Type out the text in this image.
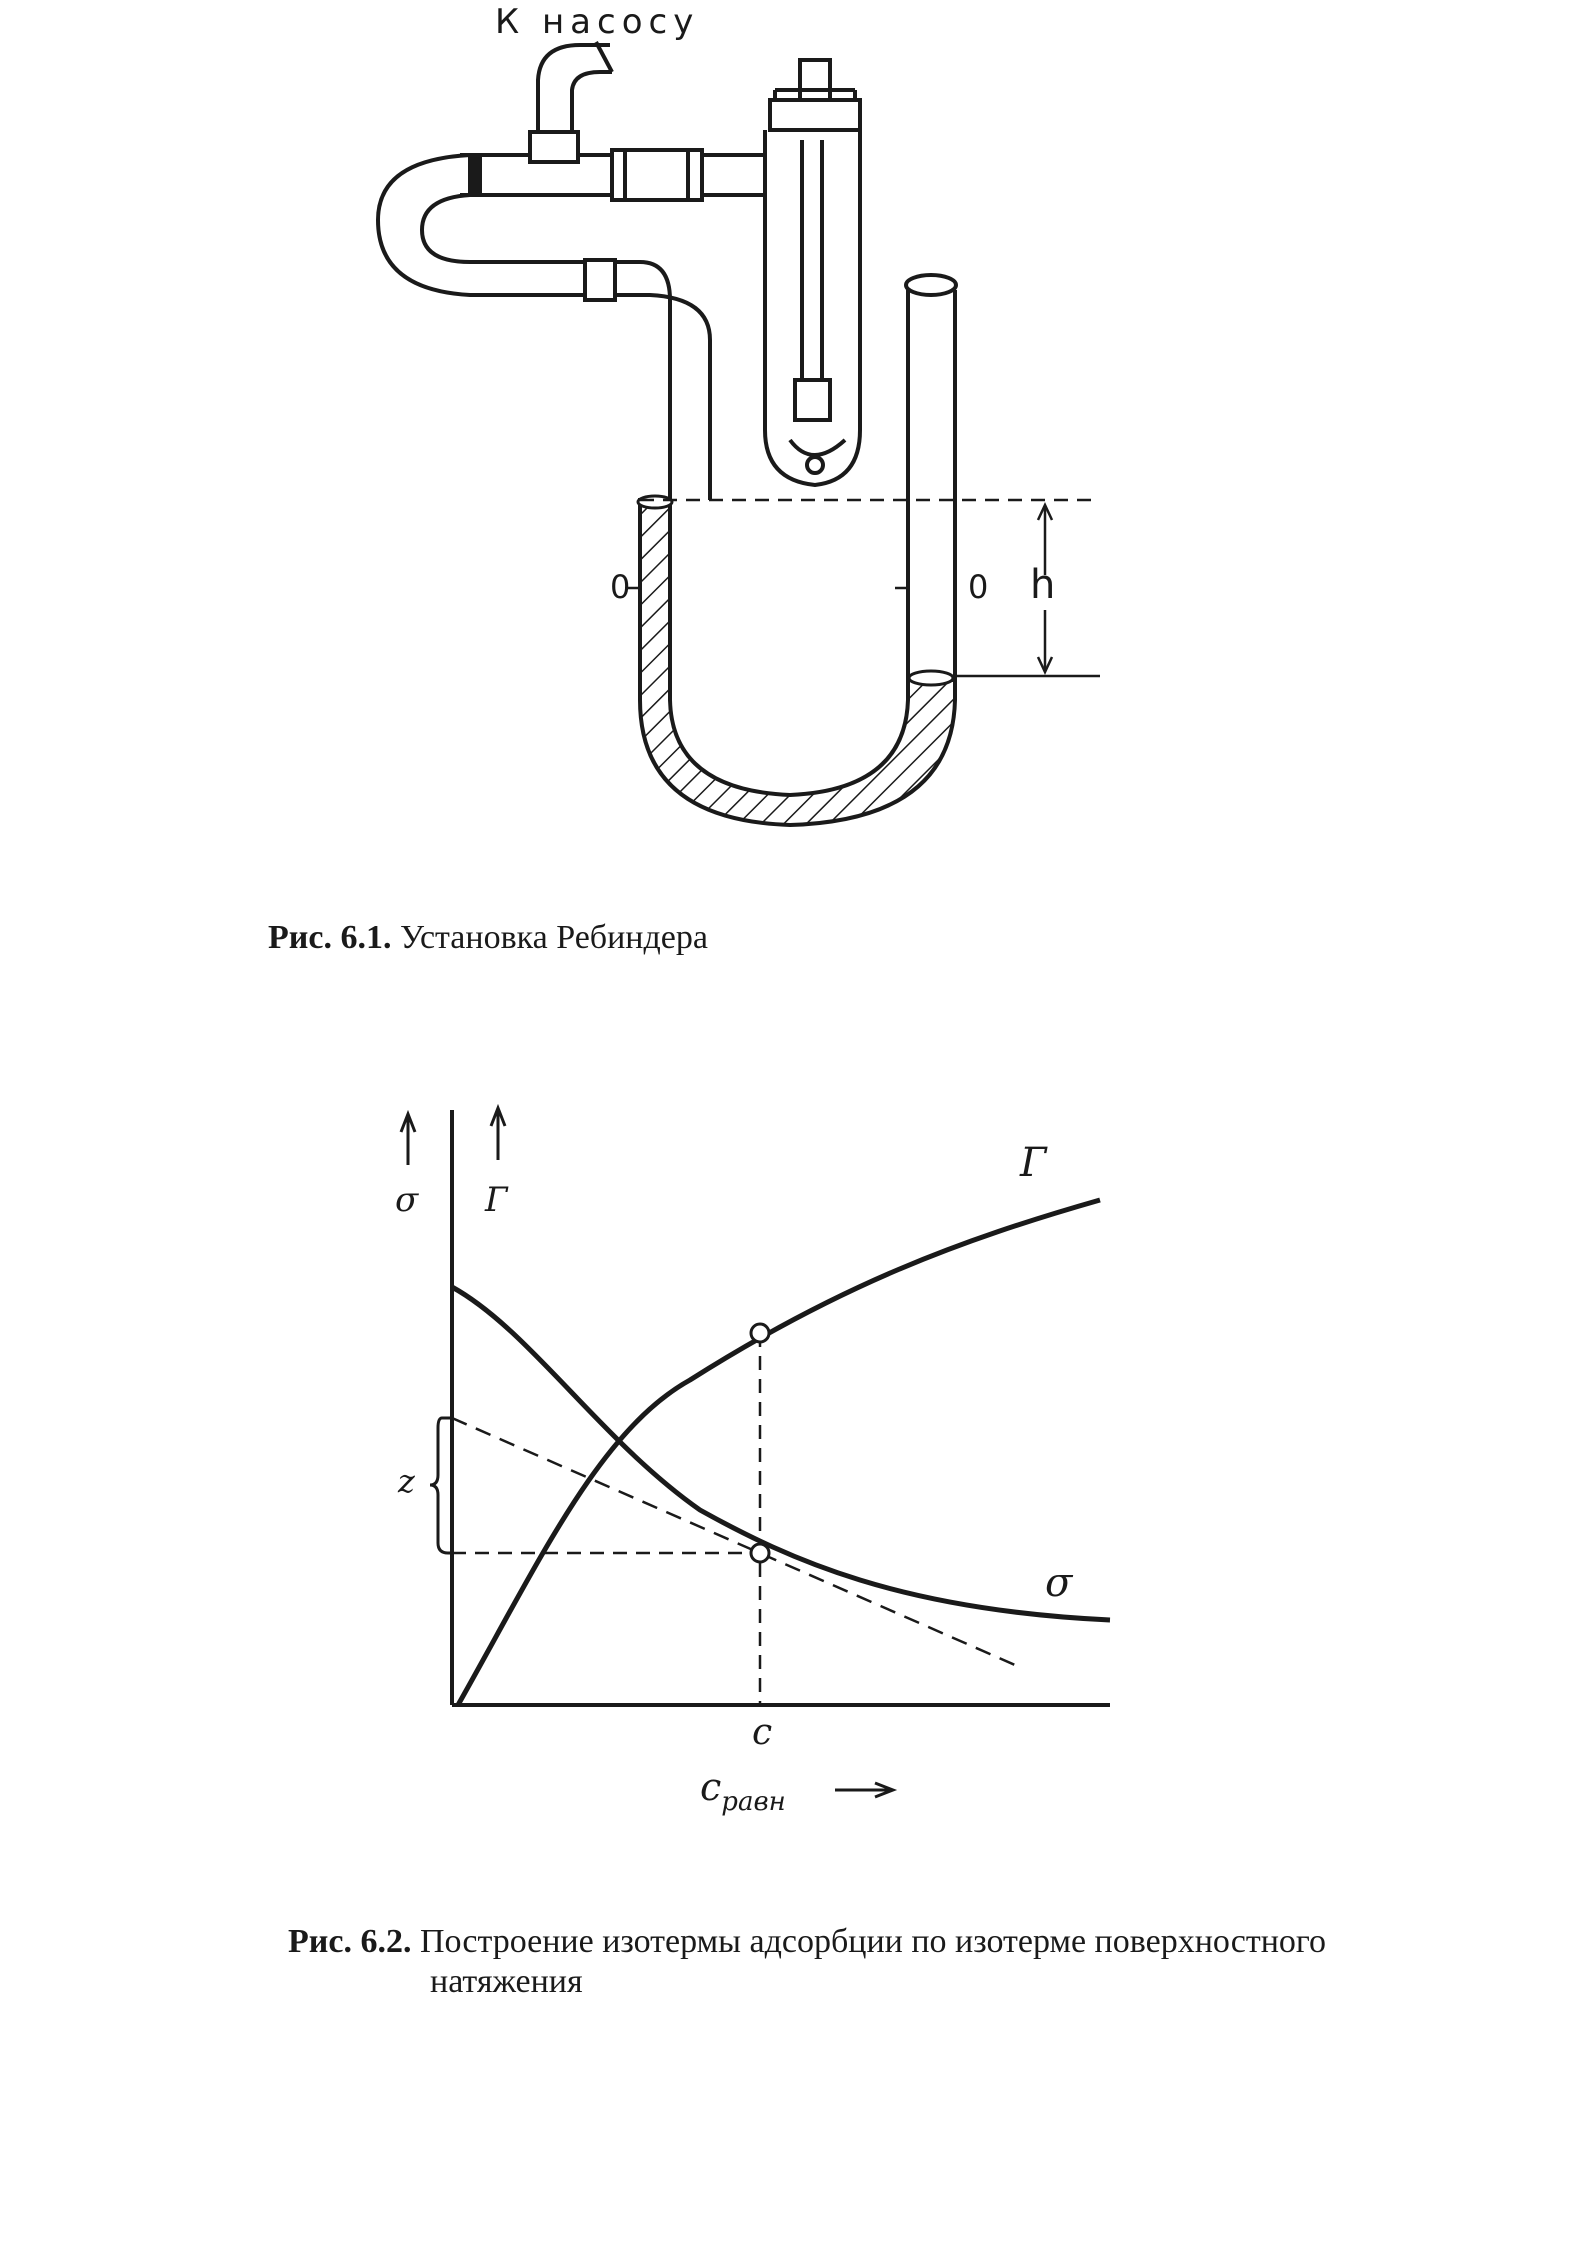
К насосу

0	0 h

Рис. 6.1. Установка Ребиндера

σ Г

Г

σ

z

c

$c_{равн}$

Рис. 6.2. Построение изотермы адсорбции по изотерме поверхностного
натяжения
